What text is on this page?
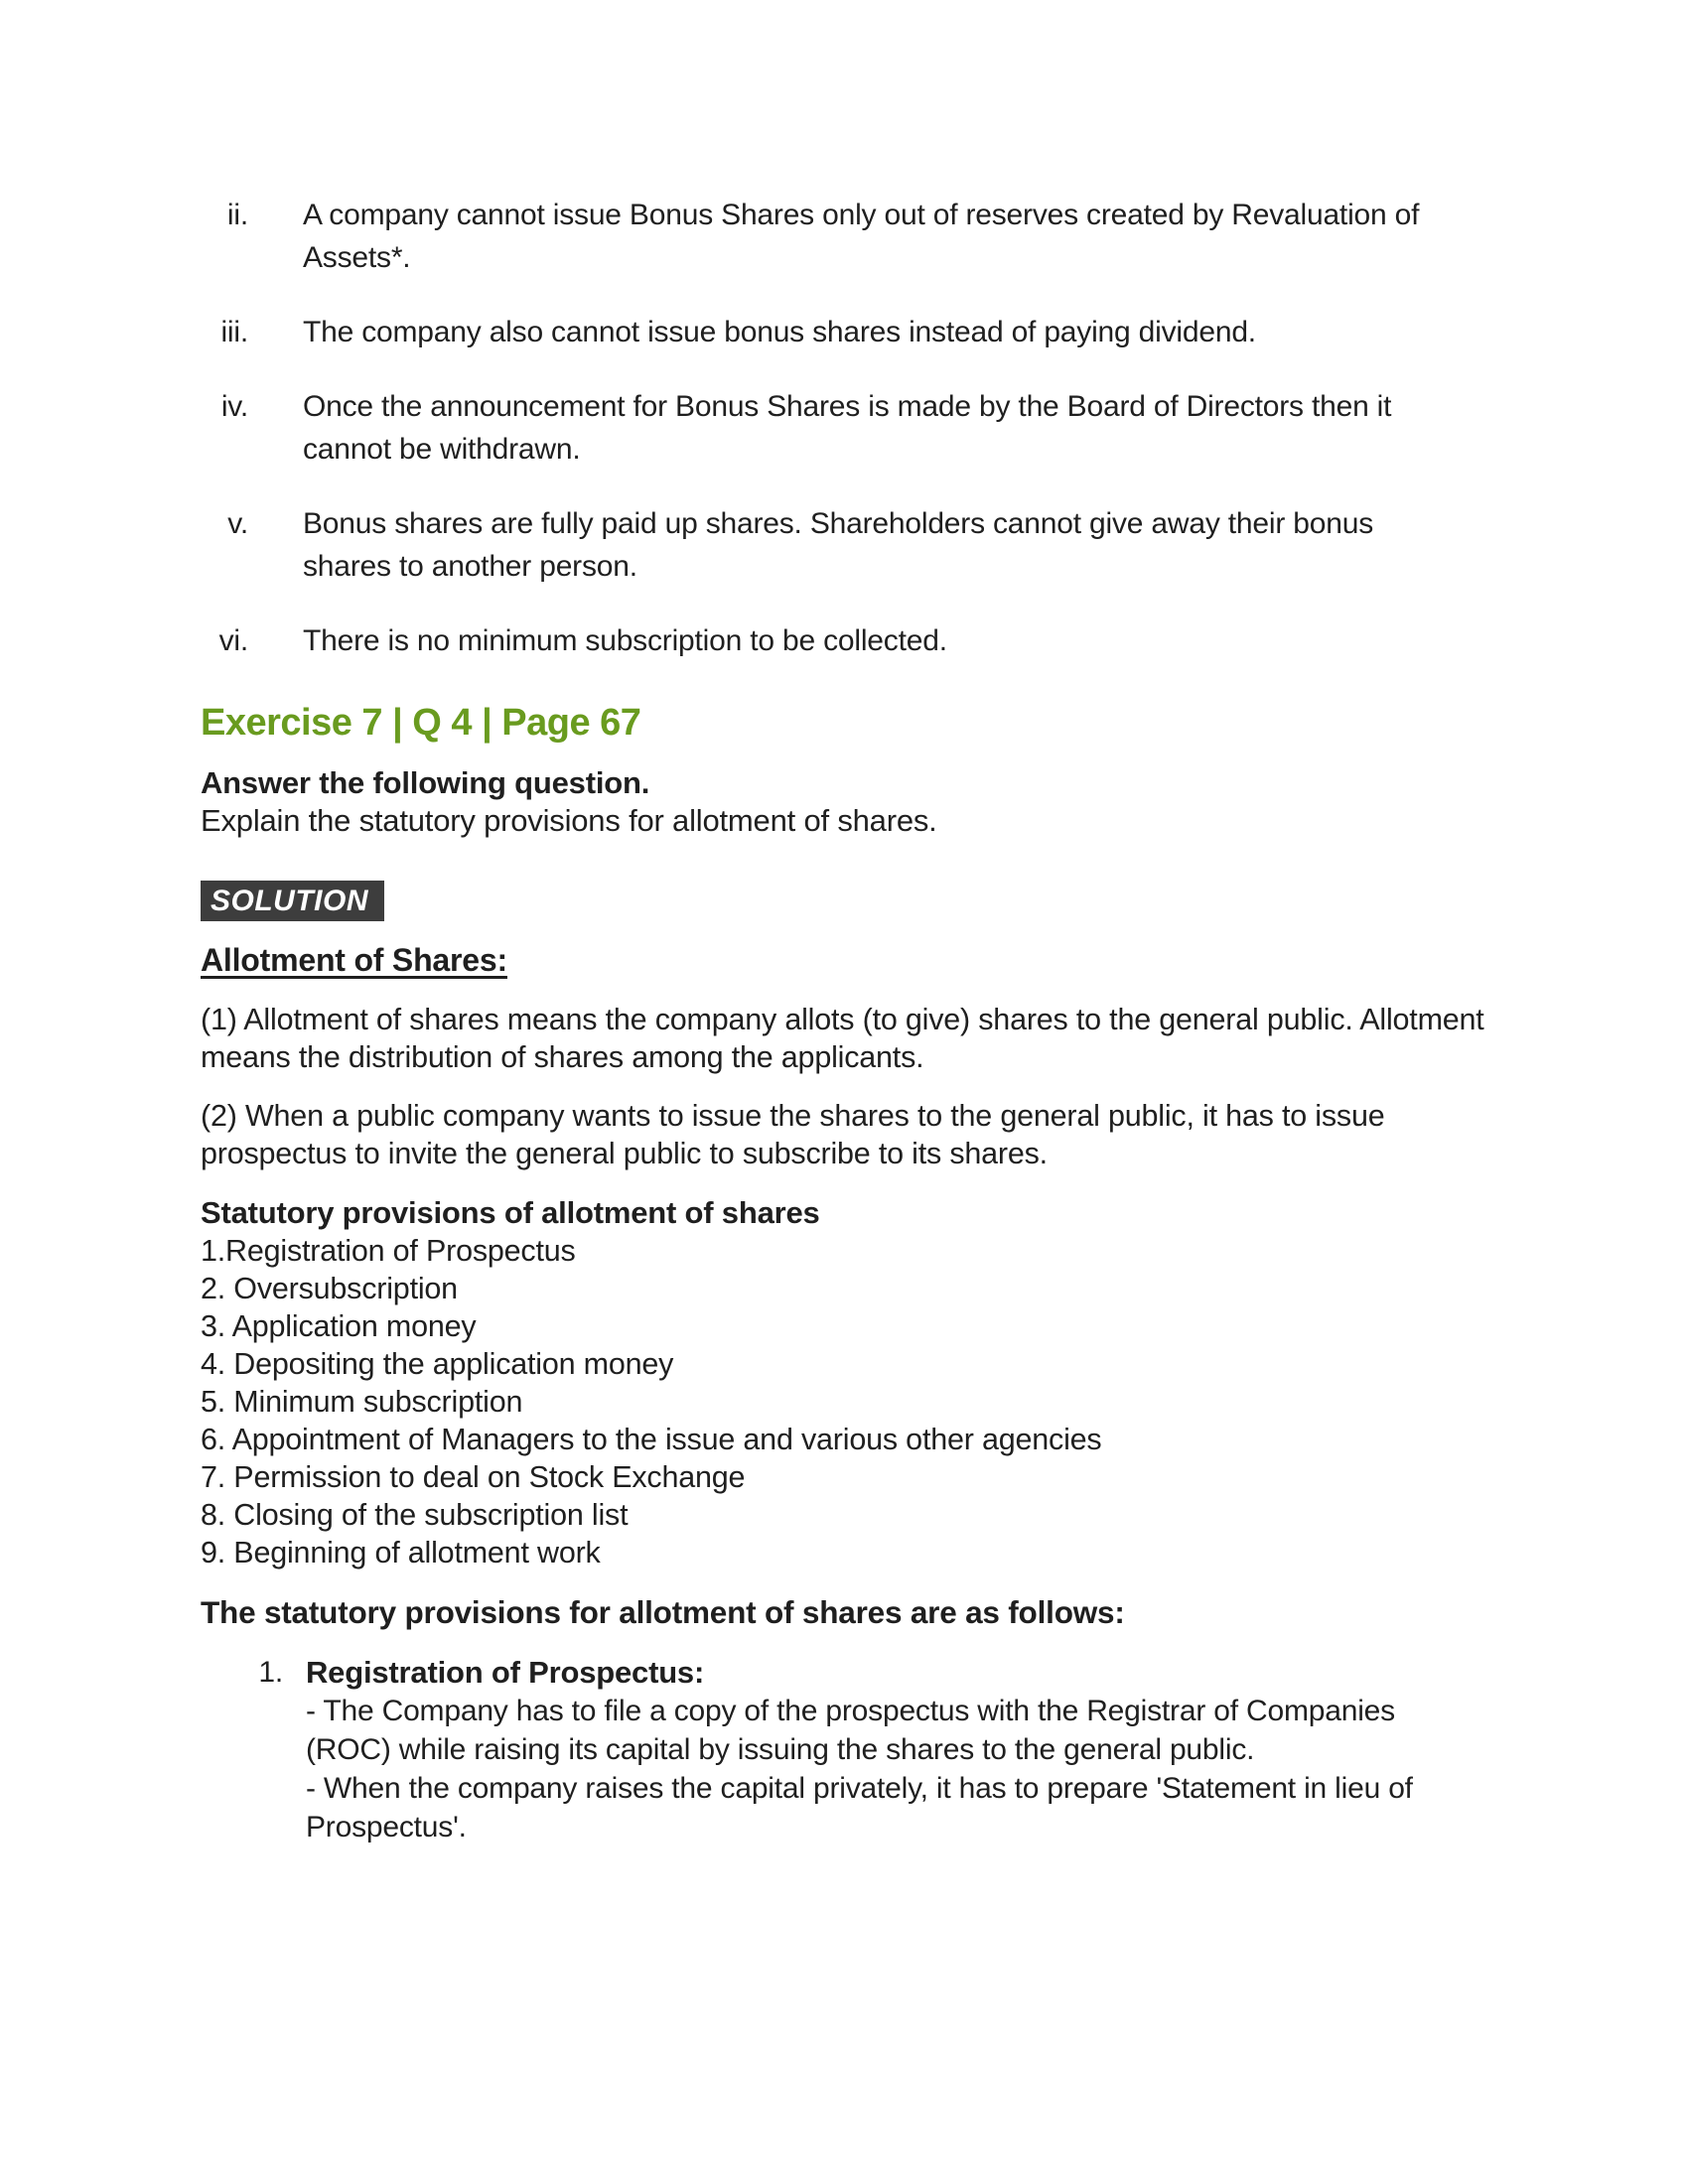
ii. A company cannot issue Bonus Shares only out of reserves created by Revaluation of Assets*.
iii. The company also cannot issue bonus shares instead of paying dividend.
iv. Once the announcement for Bonus Shares is made by the Board of Directors then it cannot be withdrawn.
v. Bonus shares are fully paid up shares. Shareholders cannot give away their bonus shares to another person.
vi. There is no minimum subscription to be collected.
Exercise 7 | Q 4 | Page 67
Answer the following question.
Explain the statutory provisions for allotment of shares.
SOLUTION
Allotment of Shares:
(1) Allotment of shares means the company allots (to give) shares to the general public. Allotment means the distribution of shares among the applicants.
(2) When a public company wants to issue the shares to the general public, it has to issue prospectus to invite the general public to subscribe to its shares.
Statutory provisions of allotment of shares
1.Registration of Prospectus
2. Oversubscription
3. Application money
4. Depositing the application money
5. Minimum subscription
6. Appointment of Managers to the issue and various other agencies
7. Permission to deal on Stock Exchange
8. Closing of the subscription list
9. Beginning of allotment work
The statutory provisions for allotment of shares are as follows:
1. Registration of Prospectus:
- The Company has to file a copy of the prospectus with the Registrar of Companies (ROC) while raising its capital by issuing the shares to the general public.
- When the company raises the capital privately, it has to prepare 'Statement in lieu of Prospectus'.
